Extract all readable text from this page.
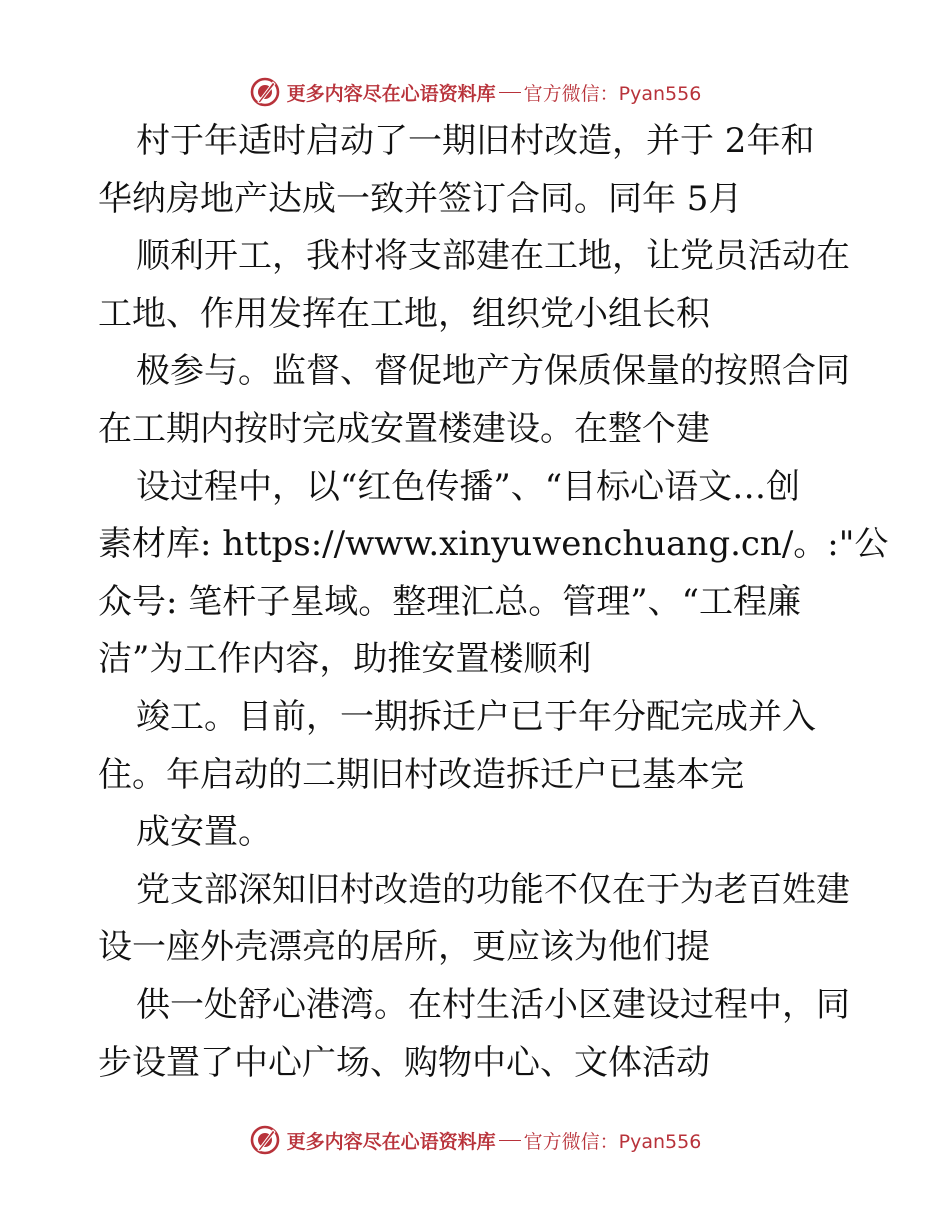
更多内容尽在心语资料库 官方微信：Pyan556
村于年适时启动了一期旧村改造，并于 2年和
华纳房地产达成一致并签订合同。同年 5月
顺利开工，我村将支部建在工地，让党员活动在
工地、作用发挥在工地，组织党小组长积
极参与。监督、督促地产方保质保量的按照合同
在工期内按时完成安置楼建设。在整个建
设过程中，以“红色传播”、“目标心语文…创
素材库: https://www.xinyuwenchuang.cn/。:"公
众号: 笔杆子星域。整理汇总。管理”、“工程廉
洁”为工作内容，助推安置楼顺利
竣工。目前，一期拆迁户已于年分配完成并入
住。年启动的二期旧村改造拆迁户已基本完
成安置。
党支部深知旧村改造的功能不仅在于为老百姓建
设一座外壳漂亮的居所，更应该为他们提
供一处舒心港湾。在村生活小区建设过程中，同
步设置了中心广场、购物中心、文体活动
更多内容尽在心语资料库 官方微信：Pyan556
